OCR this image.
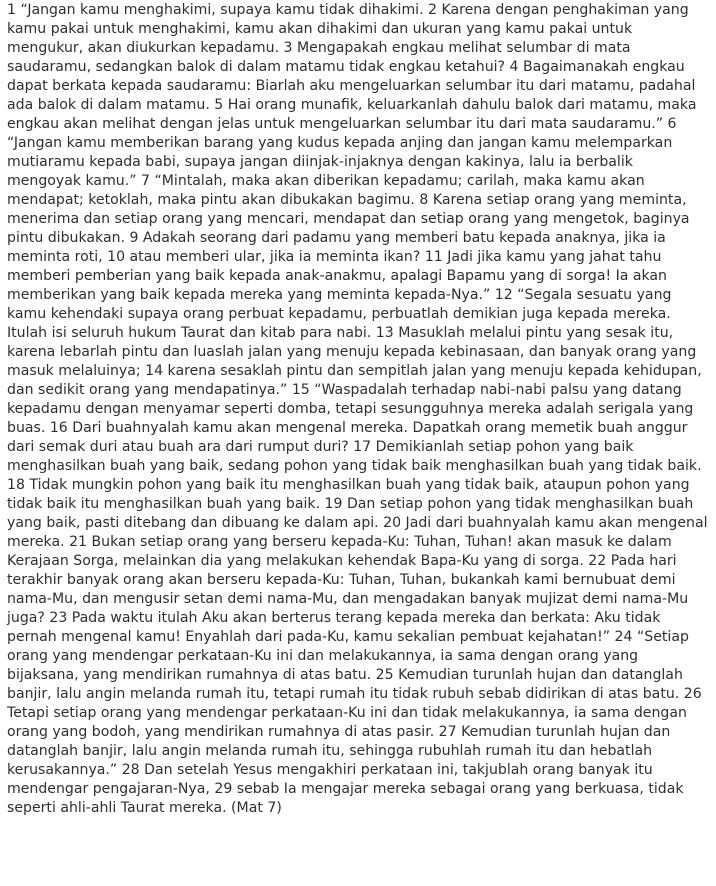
1 “Jangan kamu menghakimi, supaya kamu tidak dihakimi. 2 Karena dengan penghakiman yang kamu pakai untuk menghakimi, kamu akan dihakimi dan ukuran yang kamu pakai untuk mengukur, akan diukurkan kepadamu. 3 Mengapakah engkau melihat selumbar di mata saudaramu, sedangkan balok di dalam matamu tidak engkau ketahui? 4 Bagaimanakah engkau dapat berkata kepada saudaramu: Biarlah aku mengeluarkan selumbar itu dari matamu, padahal ada balok di dalam matamu. 5 Hai orang munafik, keluarkanlah dahulu balok dari matamu, maka engkau akan melihat dengan jelas untuk mengeluarkan selumbar itu dari mata saudaramu.” 6 “Jangan kamu memberikan barang yang kudus kepada anjing dan jangan kamu melemparkan mutiaramu kepada babi, supaya jangan diinjak-injaknya dengan kakinya, lalu ia berbalik mengoyak kamu.” 7 “Mintalah, maka akan diberikan kepadamu; carilah, maka kamu akan mendapat; ketoklah, maka pintu akan dibukakan bagimu. 8 Karena setiap orang yang meminta, menerima dan setiap orang yang mencari, mendapat dan setiap orang yang mengetok, baginya pintu dibukakan. 9 Adakah seorang dari padamu yang memberi batu kepada anaknya, jika ia meminta roti, 10 atau memberi ular, jika ia meminta ikan? 11 Jadi jika kamu yang jahat tahu memberi pemberian yang baik kepada anak-anakmu, apalagi Bapamu yang di sorga! Ia akan memberikan yang baik kepada mereka yang meminta kepada-Nya.” 12 “Segala sesuatu yang kamu kehendaki supaya orang perbuat kepadamu, perbuatlah demikian juga kepada mereka. Itulah isi seluruh hukum Taurat dan kitab para nabi. 13 Masuklah melalui pintu yang sesak itu, karena lebarlah pintu dan luaslah jalan yang menuju kepada kebinasaan, dan banyak orang yang masuk melaluinya; 14 karena sesaklah pintu dan sempitlah jalan yang menuju kepada kehidupan, dan sedikit orang yang mendapatinya.” 15 “Waspadalah terhadap nabi-nabi palsu yang datang kepadamu dengan menyamar seperti domba, tetapi sesungguhnya mereka adalah serigala yang buas. 16 Dari buahnyalah kamu akan mengenal mereka. Dapatkah orang memetik buah anggur dari semak duri atau buah ara dari rumput duri? 17 Demikianlah setiap pohon yang baik menghasilkan buah yang baik, sedang pohon yang tidak baik menghasilkan buah yang tidak baik. 18 Tidak mungkin pohon yang baik itu menghasilkan buah yang tidak baik, ataupun pohon yang tidak baik itu menghasilkan buah yang baik. 19 Dan setiap pohon yang tidak menghasilkan buah yang baik, pasti ditebang dan dibuang ke dalam api. 20 Jadi dari buahnyalah kamu akan mengenal mereka. 21 Bukan setiap orang yang berseru kepada-Ku: Tuhan, Tuhan! akan masuk ke dalam Kerajaan Sorga, melainkan dia yang melakukan kehendak Bapa-Ku yang di sorga. 22 Pada hari terakhir banyak orang akan berseru kepada-Ku: Tuhan, Tuhan, bukankah kami bernubuat demi nama-Mu, dan mengusir setan demi nama-Mu, dan mengadakan banyak mujizat demi nama-Mu juga? 23 Pada waktu itulah Aku akan berterus terang kepada mereka dan berkata: Aku tidak pernah mengenal kamu! Enyahlah dari pada-Ku, kamu sekalian pembuat kejahatan!” 24 “Setiap orang yang mendengar perkataan-Ku ini dan melakukannya, ia sama dengan orang yang bijaksana, yang mendirikan rumahnya di atas batu. 25 Kemudian turunlah hujan dan datanglah banjir, lalu angin melanda rumah itu, tetapi rumah itu tidak rubuh sebab didirikan di atas batu. 26 Tetapi setiap orang yang mendengar perkataan-Ku ini dan tidak melakukannya, ia sama dengan orang yang bodoh, yang mendirikan rumahnya di atas pasir. 27 Kemudian turunlah hujan dan datanglah banjir, lalu angin melanda rumah itu, sehingga rubuhlah rumah itu dan hebatlah kerusakannya.” 28 Dan setelah Yesus mengakhiri perkataan ini, takjublah orang banyak itu mendengar pengajaran-Nya, 29 sebab Ia mengajar mereka sebagai orang yang berkuasa, tidak seperti ahli-ahli Taurat mereka. (Mat 7)
